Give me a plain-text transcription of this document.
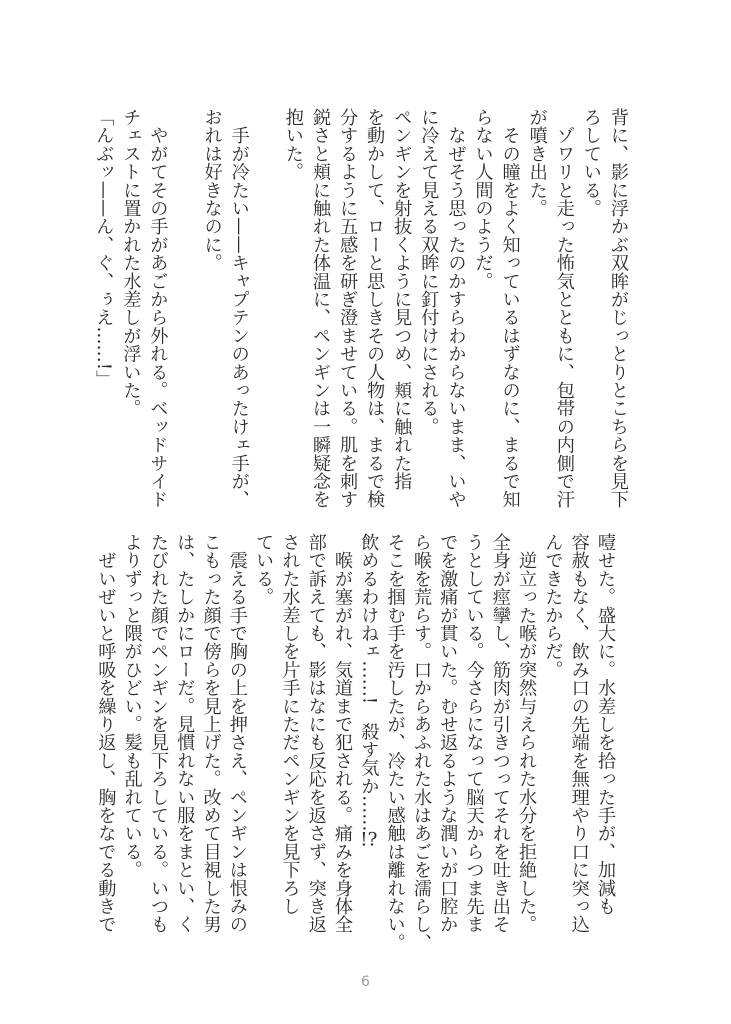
背に、影に浮かぶ双眸がじっとりとこちらを見下

ろしている。

　ゾワリと走った怖気とともに、包帯の内側で汗

が噴き出た。

　その瞳をよく知っているはずなのに、まるで知

らない人間のようだ。

　なぜそう思ったのかすらわからないまま、いや

に冷えて見える双眸に釘付けにされる。

ペンギンを射抜くように見つめ、頬に触れた指

を動かして、ローと思しきその人物は、まるで検

分するように五感を研ぎ澄ませている。肌を刺す

鋭さと頬に触れた体温に、ペンギンは一瞬疑念を

抱いた。

　手が冷たい——キャプテンのあったけェ手が、

おれは好きなのに。

　やがてその手があごから外れる。ベッドサイド

チェストに置かれた水差しが浮いた。

「んぶッ——ん、ぐ、ぅえ……!」

噎せた。盛大に。水差しを拾った手が、加減も

容赦もなく、飲み口の先端を無理やり口に突っ込

んできたからだ。

　逆立った喉が突然与えられた水分を拒絶した。

全身が痙攣し、筋肉が引きつってそれを吐き出そ

うとしている。今さらになって脳天からつま先ま

でを激痛が貫いた。むせ返るような潤いが口腔か

ら喉を荒らす。口からあふれた水はあごを濡らし、

そこを掴む手を汚したが、冷たい感触は離れない。

飲めるわけねェ……!　殺す気か……!?

　喉が塞がれ、気道まで犯される。痛みを身体全

部で訴えても、影はなにも反応を返さず、突き返

された水差しを片手にただペンギンを見下ろし

ている。

　震える手で胸の上を押さえ、ペンギンは恨みの

こもった顔で傍らを見上げた。改めて目視した男

は、たしかにローだ。見慣れない服をまとい、く

たびれた顔でペンギンを見下ろしている。いつも

よりずっと隈がひどい。髪も乱れている。

　ぜいぜいと呼吸を繰り返し、胸をなでる動きで

6
